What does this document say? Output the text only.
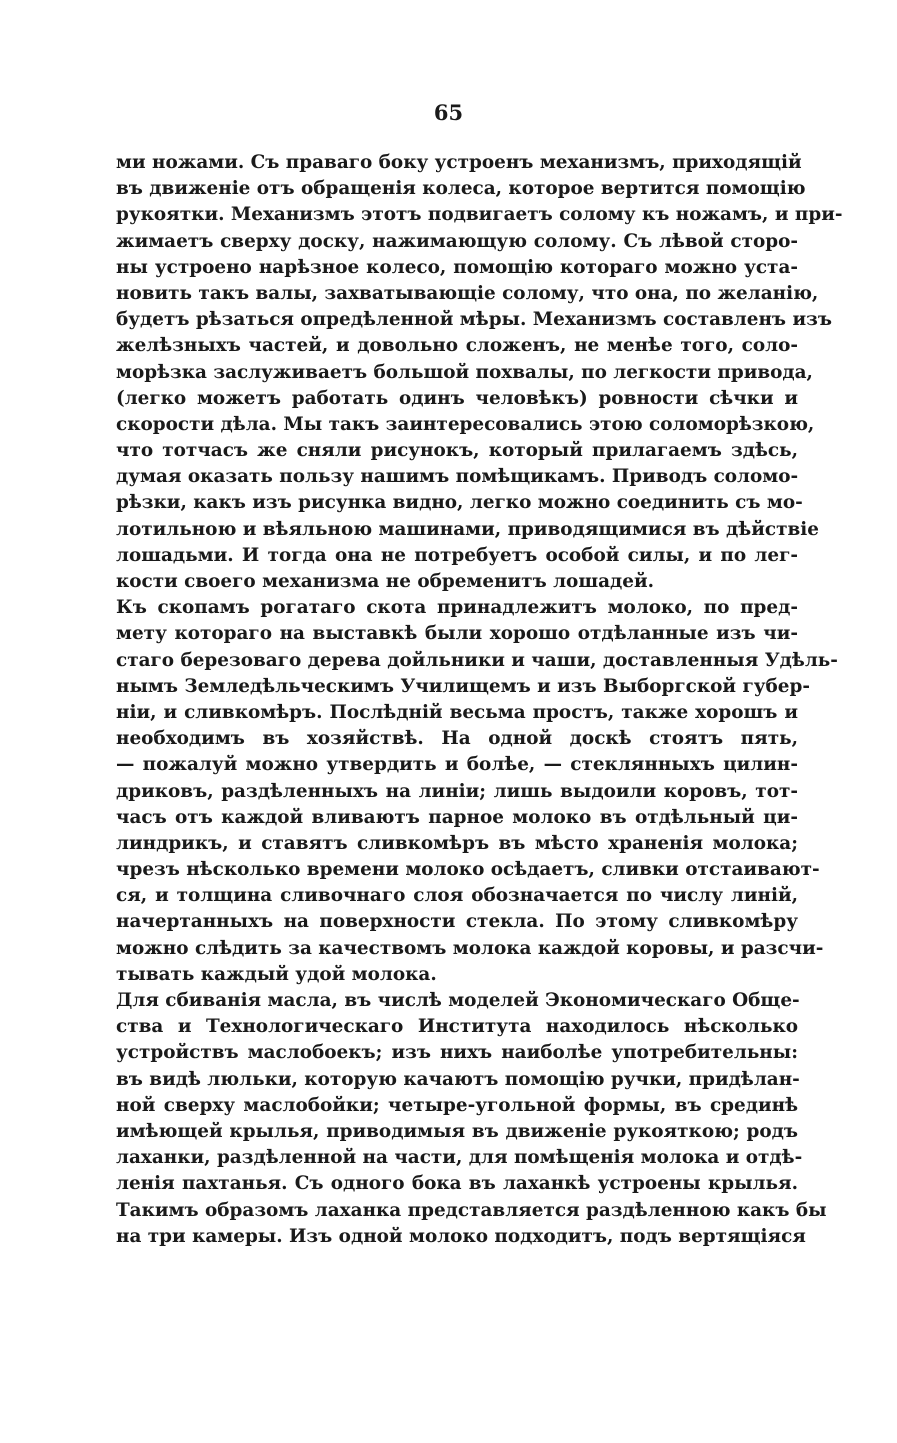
65
ми ножами. Съ праваго боку устроенъ механизмъ, приходящій
въ движеніе отъ обращенія колеса, которое вертится помощію
рукоятки. Механизмъ этотъ подвигаетъ солому къ ножамъ, и при-
жимаетъ сверху доску, нажимающую солому. Съ лѣвой сторо-
ны устроено нарѣзное колесо, помощію котораго можно уста-
новить такъ валы, захватывающіе солому, что она, по желанію,
будетъ рѣзаться опредѣленной мѣры. Механизмъ составленъ изъ
желѣзныхъ частей, и довольно сложенъ, не менѣе того, соло-
морѣзка заслуживаетъ большой похвалы, по легкости привода,
(легко можетъ работать одинъ человѣкъ) ровности сѣчки и
скорости дѣла. Мы такъ заинтересовались этою соломорѣзкою,
что тотчасъ же сняли рисунокъ, который прилагаемъ здѣсь,
думая оказать пользу нашимъ помѣщикамъ. Приводъ соломо-
рѣзки, какъ изъ рисунка видно, легко можно соединить съ мо-
лотильною и вѣяльною машинами, приводящимися въ дѣйствіе
лошадьми. И тогда она не потребуетъ особой силы, и по лег-
кости своего механизма не обременитъ лошадей.
Къ скопамъ рогатаго скота принадлежитъ молоко, по пред-
мету котораго на выставкѣ были хорошо отдѣланные изъ чи-
стаго березоваго дерева дойльники и чаши, доставленныя Удѣль-
нымъ Земледѣльческимъ Училищемъ и изъ Выборгской губер-
ніи, и сливкомѣръ. Послѣдній весьма простъ, также хорошъ и
необходимъ въ хозяйствѣ. На одной доскѣ стоятъ пять,
— пожалуй можно утвердить и болѣе, — стеклянныхъ цилин-
дриковъ, раздѣленныхъ на линіи; лишь выдоили коровъ, тот-
часъ отъ каждой вливаютъ парное молоко въ отдѣльный ци-
линдрикъ, и ставятъ сливкомѣръ въ мѣсто храненія молока;
чрезъ нѣсколько времени молоко осѣдаетъ, сливки отстаивают-
ся, и толщина сливочнаго слоя обозначается по числу линій,
начертанныхъ на поверхности стекла. По этому сливкомѣру
можно слѣдить за качествомъ молока каждой коровы, и разсчи-
тывать каждый удой молока.
Для сбиванія масла, въ числѣ моделей Экономическаго Обще-
ства и Технологическаго Института находилось нѣсколько
устройствъ маслобоекъ; изъ нихъ наиболѣе употребительны:
въ видѣ люльки, которую качаютъ помощію ручки, придѣлан-
ной сверху маслобойки; четыре-угольной формы, въ срединѣ
имѣющей крылья, приводимыя въ движеніе рукояткою; родъ
лаханки, раздѣленной на части, для помѣщенія молока и отдѣ-
ленія пахтанья. Съ одного бока въ лаханкѣ устроены крылья.
Такимъ образомъ лаханка представляется раздѣленною какъ бы
на три камеры. Изъ одной молоко подходитъ, подъ вертящіяся
